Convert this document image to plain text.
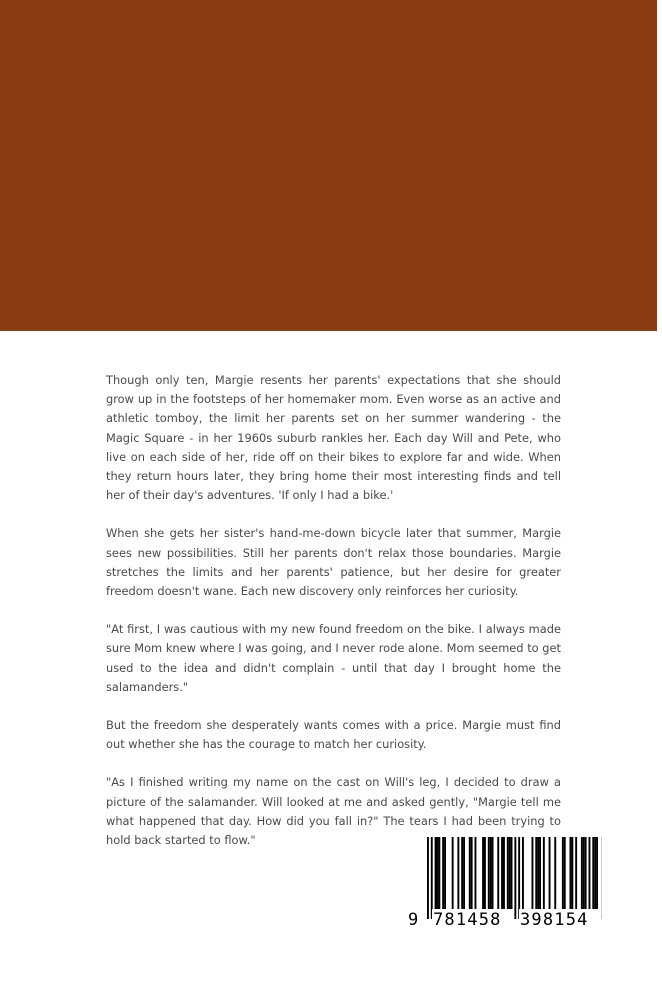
Though only ten, Margie resents her parents' expectations that she should grow up in the footsteps of her homemaker mom. Even worse as an active and athletic tomboy, the limit her parents set on her summer wandering - the Magic Square - in her 1960s suburb rankles her. Each day Will and Pete, who live on each side of her, ride off on their bikes to explore far and wide. When they return hours later, they bring home their most interesting finds and tell her of their day's adventures. 'If only I had a bike.'

When she gets her sister's hand-me-down bicycle later that summer, Margie sees new possibilities. Still her parents don't relax those boundaries. Margie stretches the limits and her parents' patience, but her desire for greater freedom doesn't wane. Each new discovery only reinforces her curiosity.

"At first, I was cautious with my new found freedom on the bike. I always made sure Mom knew where I was going, and I never rode alone. Mom seemed to get used to the idea and didn't complain - until that day I brought home the salamanders."

But the freedom she desperately wants comes with a price. Margie must find out whether she has the courage to match her curiosity.

"As I finished writing my name on the cast on Will's leg, I decided to draw a picture of the salamander. Will looked at me and asked gently, "Margie tell me what happened that day. How did you fall in?" The tears I had been trying to hold back started to flow."

9 781458 398154
